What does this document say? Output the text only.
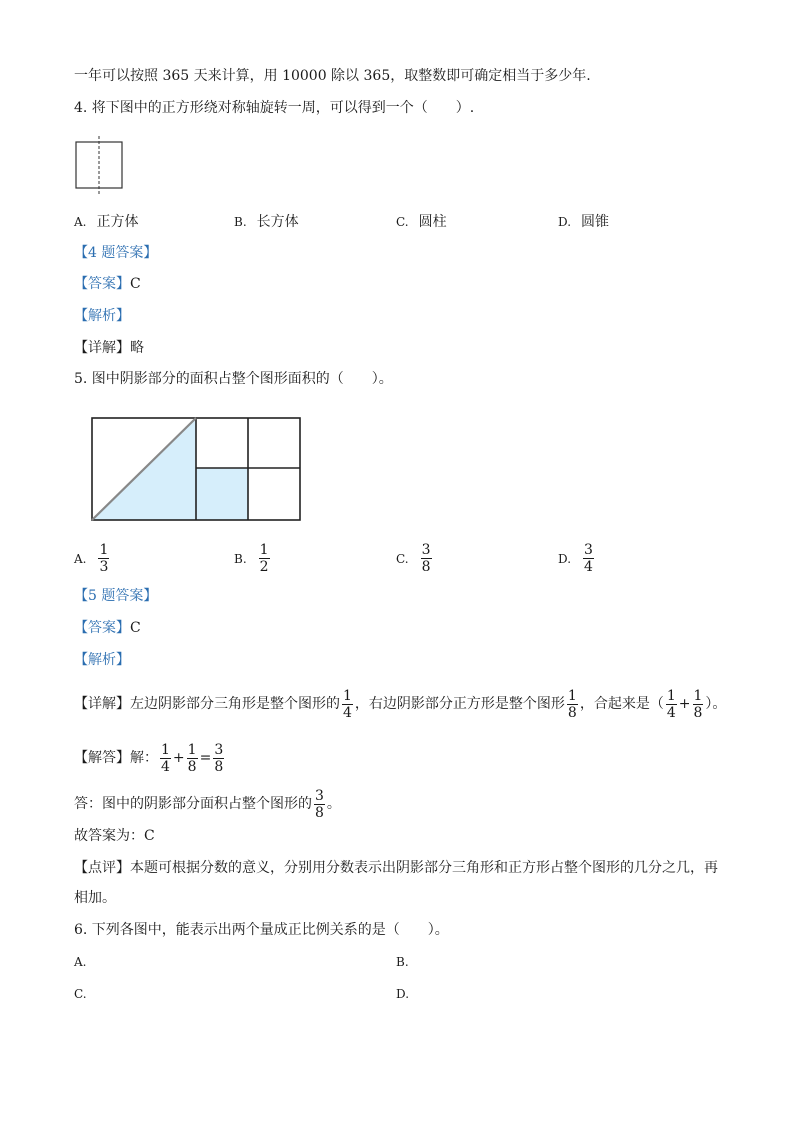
一年可以按照 365 天来计算，用 10000 除以 365，取整数即可确定相当于多少年.
4. 将下图中的正方形绕对称轴旋转一周，可以得到一个（　　）.
A. 正方体	B. 长方体	C. 圆柱	D. 圆锥
【4 题答案】
【答案】C
【解析】
【详解】略
5. 图中阴影部分的面积占整个图形面积的（　　）。
A. $\frac{1}{3}$	B. $\frac{1}{2}$	C. $\frac{3}{8}$	D. $\frac{3}{4}$
【5 题答案】
【答案】C
【解析】
【详解】左边阴影部分三角形是整个图形的 $\frac{1}{4}$ ，右边阴影部分正方形是整个图形 $\frac{1}{8}$ ，合起来是（ $\frac{1}{4} + \frac{1}{8}$ ）。
【解答】解： $\frac{1}{4} + \frac{1}{8} = \frac{3}{8}$
答：图中的阴影部分面积占整个图形的 $\frac{3}{8}$ 。
故答案为：C
【点评】本题可根据分数的意义，分别用分数表示出阴影部分三角形和正方形占整个图形的几分之几，再
相加。
6. 下列各图中，能表示出两个量成正比例关系的是（　　）。
A.	B.
C.	D.
